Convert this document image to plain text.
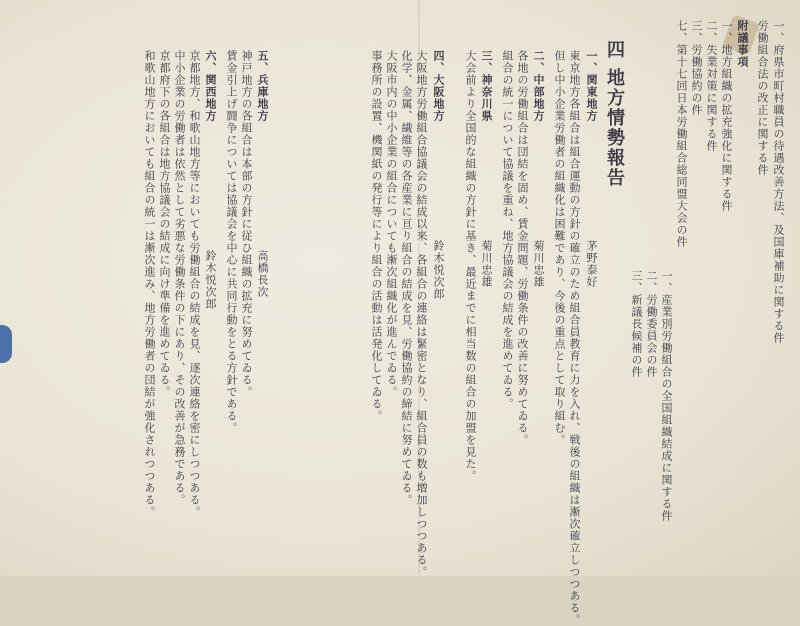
一、府県市町村職員の待遇改善方法、及国庫補助に関する件
労働組合法の改正に関する件
附議事項
一、地方組織の拡充強化に関する件
二、失業対策に関する件
三、労働協約の件
七、第十七回日本労働組合総同盟大会の件
一、産業別労働組合の全国組織結成に関する件
二、労働委員会の件
三、新議長候補の件
四 地方情勢報告
一、関東地方
茅野泰好
東京地方各組合は組合運動の方針の確立のため組合員教育に力を入れ、戦後の組織は漸次確立しつつある。
但し中小企業労働者の組織化は困難であり、今後の重点として取り組む。
二、中部地方
菊川忠雄
各地の労働組合は団結を固め、賃金問題、労働条件の改善に努めてゐる。
組合の統一について協議を重ね、地方協議会の結成を進めてゐる。
三、神奈川県
菊川忠雄
大会前より全国的な組織の方針に基き、最近までに相当数の組合の加盟を見た。
四、大阪地方
鈴木悦次郎
大阪地方労働組合協議会の結成以来、各組合の連絡は緊密となり、組合員の数も増加しつつある。
化学、金属、繊維等の各産業に亘り組合の結成を見、労働協約の締結に努めてゐる。
大阪市内の中小企業の組合についても漸次組織化が進んでゐる。
事務所の設置、機関紙の発行等により組合の活動は活発化してゐる。
五、兵庫地方
高橋長次
神戸地方の各組合は本部の方針に従ひ組織の拡充に努めてゐる。
賃金引上げ闘争については協議会を中心に共同行動をとる方針である。
六、関西地方
鈴木悦次郎
京都地方、和歌山地方等においても労働組合の結成を見、逐次連絡を密にしつつある。
中小企業の労働者は依然として劣悪な労働条件の下にあり、その改善が急務である。
京都府下の各組合は地方協議会の結成に向け準備を進めてゐる。
和歌山地方においても組合の統一は漸次進み、地方労働者の団結が強化されつつある。
